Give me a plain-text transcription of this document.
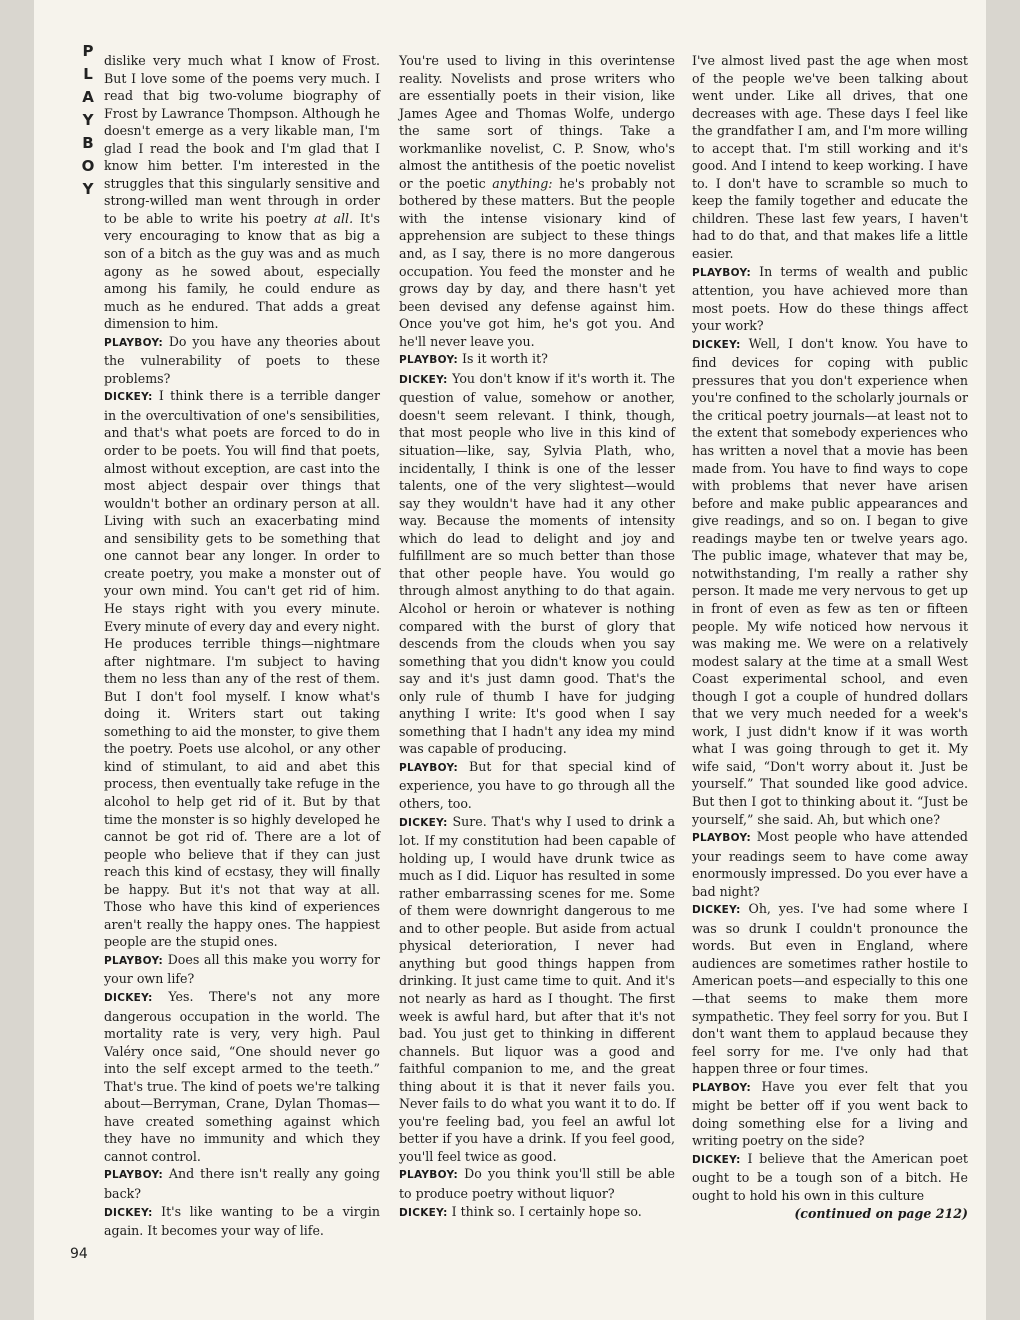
P
L
A
Y
B
O
Y
94

dislike very much what I know of Frost. But I love some of the poems very much. I read that big two-volume biography of Frost by Lawrance Thompson. Although he doesn't emerge as a very likable man, I'm glad I read the book and I'm glad that I know him better. I'm interested in the struggles that this singularly sensitive and strong-willed man went through in order to be able to write his poetry at all. It's very encouraging to know that as big a son of a bitch as the guy was and as much agony as he sowed about, especially among his family, he could endure as much as he endured. That adds a great dimension to him.

PLAYBOY: Do you have any theories about the vulnerability of poets to these problems?

DICKEY: I think there is a terrible danger in the overcultivation of one's sensibilities, and that's what poets are forced to do in order to be poets. You will find that poets, almost without exception, are cast into the most abject despair over things that wouldn't bother an ordinary person at all. Living with such an exacerbating mind and sensibility gets to be something that one cannot bear any longer. In order to create poetry, you make a monster out of your own mind. You can't get rid of him. He stays right with you every minute. Every minute of every day and every night. He produces terrible things—nightmare after nightmare. I'm subject to having them no less than any of the rest of them. But I don't fool myself. I know what's doing it. Writers start out taking something to aid the monster, to give them the poetry. Poets use alcohol, or any other kind of stimulant, to aid and abet this process, then eventually take refuge in the alcohol to help get rid of it. But by that time the monster is so highly developed he cannot be got rid of. There are a lot of people who believe that if they can just reach this kind of ecstasy, they will finally be happy. But it's not that way at all. Those who have this kind of experiences aren't really the happy ones. The happiest people are the stupid ones.

PLAYBOY: Does all this make you worry for your own life?

DICKEY: Yes. There's not any more dangerous occupation in the world. The mortality rate is very, very high. Paul Valéry once said, “One should never go into the self except armed to the teeth.” That's true. The kind of poets we're talking about—Berryman, Crane, Dylan Thomas—have created something against which they have no immunity and which they cannot control.

PLAYBOY: And there isn't really any going back?

DICKEY: It's like wanting to be a virgin again. It becomes your way of life.

You're used to living in this overintense reality. Novelists and prose writers who are essentially poets in their vision, like James Agee and Thomas Wolfe, undergo the same sort of things. Take a workmanlike novelist, C. P. Snow, who's almost the antithesis of the poetic novelist or the poetic anything: he's probably not bothered by these matters. But the people with the intense visionary kind of apprehension are subject to these things and, as I say, there is no more dangerous occupation. You feed the monster and he grows day by day, and there hasn't yet been devised any defense against him. Once you've got him, he's got you. And he'll never leave you.

PLAYBOY: Is it worth it?

DICKEY: You don't know if it's worth it. The question of value, somehow or another, doesn't seem relevant. I think, though, that most people who live in this kind of situation—like, say, Sylvia Plath, who, incidentally, I think is one of the lesser talents, one of the very slightest—would say they wouldn't have had it any other way. Because the moments of intensity which do lead to delight and joy and fulfillment are so much better than those that other people have. You would go through almost anything to do that again. Alcohol or heroin or whatever is nothing compared with the burst of glory that descends from the clouds when you say something that you didn't know you could say and it's just damn good. That's the only rule of thumb I have for judging anything I write: It's good when I say something that I hadn't any idea my mind was capable of producing.

PLAYBOY: But for that special kind of experience, you have to go through all the others, too.

DICKEY: Sure. That's why I used to drink a lot. If my constitution had been capable of holding up, I would have drunk twice as much as I did. Liquor has resulted in some rather embarrassing scenes for me. Some of them were downright dangerous to me and to other people. But aside from actual physical deterioration, I never had anything but good things happen from drinking. It just came time to quit. And it's not nearly as hard as I thought. The first week is awful hard, but after that it's not bad. You just get to thinking in different channels. But liquor was a good and faithful companion to me, and the great thing about it is that it never fails you. Never fails to do what you want it to do. If you're feeling bad, you feel an awful lot better if you have a drink. If you feel good, you'll feel twice as good.

PLAYBOY: Do you think you'll still be able to produce poetry without liquor?

DICKEY: I think so. I certainly hope so.

I've almost lived past the age when most of the people we've been talking about went under. Like all drives, that one decreases with age. These days I feel like the grandfather I am, and I'm more willing to accept that. I'm still working and it's good. And I intend to keep working. I have to. I don't have to scramble so much to keep the family together and educate the children. These last few years, I haven't had to do that, and that makes life a little easier.

PLAYBOY: In terms of wealth and public attention, you have achieved more than most poets. How do these things affect your work?

DICKEY: Well, I don't know. You have to find devices for coping with public pressures that you don't experience when you're confined to the scholarly journals or the critical poetry journals—at least not to the extent that somebody experiences who has written a novel that a movie has been made from. You have to find ways to cope with problems that never have arisen before and make public appearances and give readings, and so on. I began to give readings maybe ten or twelve years ago. The public image, whatever that may be, notwithstanding, I'm really a rather shy person. It made me very nervous to get up in front of even as few as ten or fifteen people. My wife noticed how nervous it was making me. We were on a relatively modest salary at the time at a small West Coast experimental school, and even though I got a couple of hundred dollars that we very much needed for a week's work, I just didn't know if it was worth what I was going through to get it. My wife said, “Don't worry about it. Just be yourself.” That sounded like good advice. But then I got to thinking about it. “Just be yourself,” she said. Ah, but which one?

PLAYBOY: Most people who have attended your readings seem to have come away enormously impressed. Do you ever have a bad night?

DICKEY: Oh, yes. I've had some where I was so drunk I couldn't pronounce the words. But even in England, where audiences are sometimes rather hostile to American poets—and especially to this one—that seems to make them more sympathetic. They feel sorry for you. But I don't want them to applaud because they feel sorry for me. I've only had that happen three or four times.

PLAYBOY: Have you ever felt that you might be better off if you went back to doing something else for a living and writing poetry on the side?

DICKEY: I believe that the American poet ought to be a tough son of a bitch. He ought to hold his own in this culture

(continued on page 212)
